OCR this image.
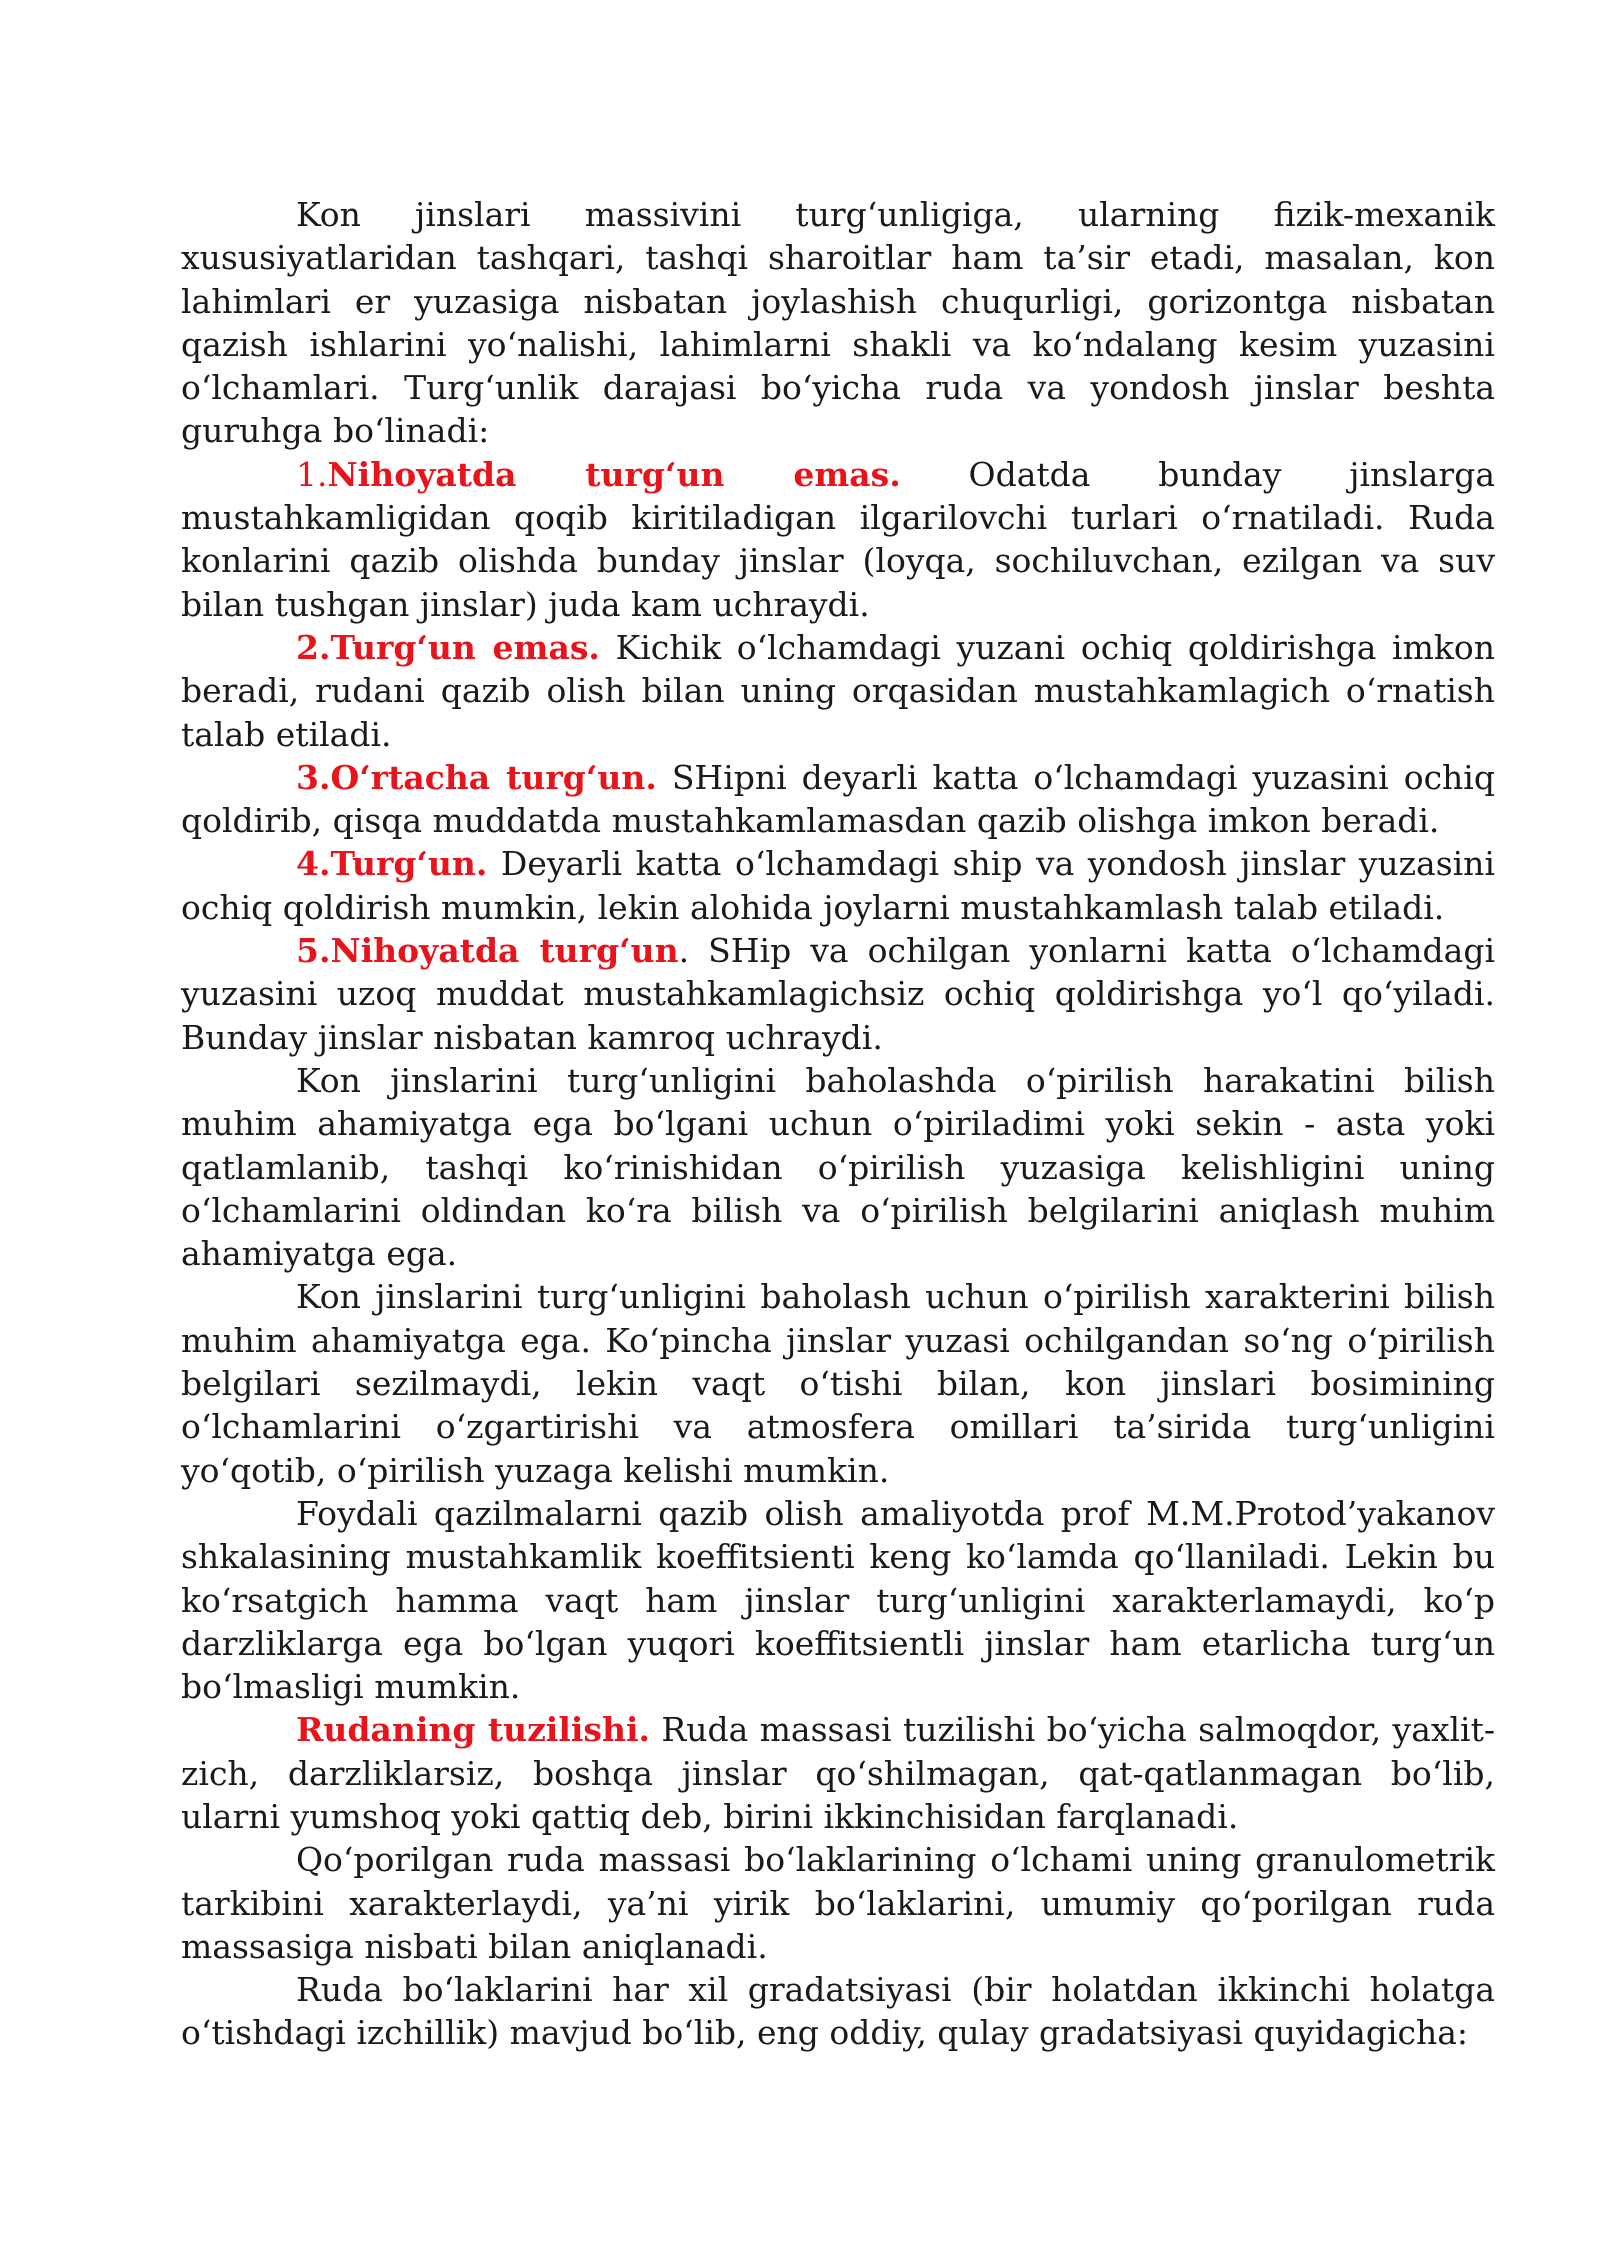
Kon jinslari massivini turg‘unligiga, ularning fizik-mexanik xususiyatlaridan tashqari, tashqi sharoitlar ham ta’sir etadi, masalan, kon lahimlari er yuzasiga nisbatan joylashish chuqurligi, gorizontga nisbatan qazish ishlarini yo‘nalishi, lahimlarni shakli va ko‘ndalang kesim yuzasini o‘lchamlari. Turg‘unlik darajasi bo‘yicha ruda va yondosh jinslar beshta guruhga bo‘linadi:

1.Nihoyatda turg‘un emas. Odatda bunday jinslarga mustahkamligidan qoqib kiritiladigan ilgarilovchi turlari o‘rnatiladi. Ruda konlarini qazib olishda bunday jinslar (loyqa, sochiluvchan, ezilgan va suv bilan tushgan jinslar) juda kam uchraydi.

2.Turg‘un emas. Kichik o‘lchamdagi yuzani ochiq qoldirishga imkon beradi, rudani qazib olish bilan uning orqasidan mustahkamlagich o‘rnatish talab etiladi.

3.O‘rtacha turg‘un. SHipni deyarli katta o‘lchamdagi yuzasini ochiq qoldirib, qisqa muddatda mustahkamlamasdan qazib olishga imkon beradi.

4.Turg‘un. Deyarli katta o‘lchamdagi ship va yondosh jinslar yuzasini ochiq qoldirish mumkin, lekin alohida joylarni mustahkamlash talab etiladi.

5.Nihoyatda turg‘un. SHip va ochilgan yonlarni katta o‘lchamdagi yuzasini uzoq muddat mustahkamlagichsiz ochiq qoldirishga yo‘l qo‘yiladi. Bunday jinslar nisbatan kamroq uchraydi.

Kon jinslarini turg‘unligini baholashda o‘pirilish harakatini bilish muhim ahamiyatga ega bo‘lgani uchun o‘piriladimi yoki sekin - asta yoki qatlamlanib, tashqi ko‘rinishidan o‘pirilish yuzasiga kelishligini uning o‘lchamlarini oldindan ko‘ra bilish va o‘pirilish belgilarini aniqlash muhim ahamiyatga ega.

Kon jinslarini turg‘unligini baholash uchun o‘pirilish xarakterini bilish muhim ahamiyatga ega. Ko‘pincha jinslar yuzasi ochilgandan so‘ng o‘pirilish belgilari sezilmaydi, lekin vaqt o‘tishi bilan, kon jinslari bosimining o‘lchamlarini o‘zgartirishi va atmosfera omillari ta’sirida turg‘unligini yo‘qotib, o‘pirilish yuzaga kelishi mumkin.

Foydali qazilmalarni qazib olish amaliyotda prof M.M.Protod’yakanov shkalasining mustahkamlik koeffitsienti keng ko‘lamda qo‘llaniladi. Lekin bu ko‘rsatgich hamma vaqt ham jinslar turg‘unligini xarakterlamaydi, ko‘p darzliklarga ega bo‘lgan yuqori koeffitsientli jinslar ham etarlicha turg‘un bo‘lmasligi mumkin.

Rudaning tuzilishi. Ruda massasi tuzilishi bo‘yicha salmoqdor, yaxlit-zich, darzliklarsiz, boshqa jinslar qo‘shilmagan, qat-qatlanmagan bo‘lib, ularni yumshoq yoki qattiq deb, birini ikkinchisidan farqlanadi.

Qo‘porilgan ruda massasi bo‘laklarining o‘lchami uning granulometrik tarkibini xarakterlaydi, ya’ni yirik bo‘laklarini, umumiy qo‘porilgan ruda massasiga nisbati bilan aniqlanadi.

Ruda bo‘laklarini har xil gradatsiyasi (bir holatdan ikkinchi holatga o‘tishdagi izchillik) mavjud bo‘lib, eng oddiy, qulay gradatsiyasi quyidagicha:
